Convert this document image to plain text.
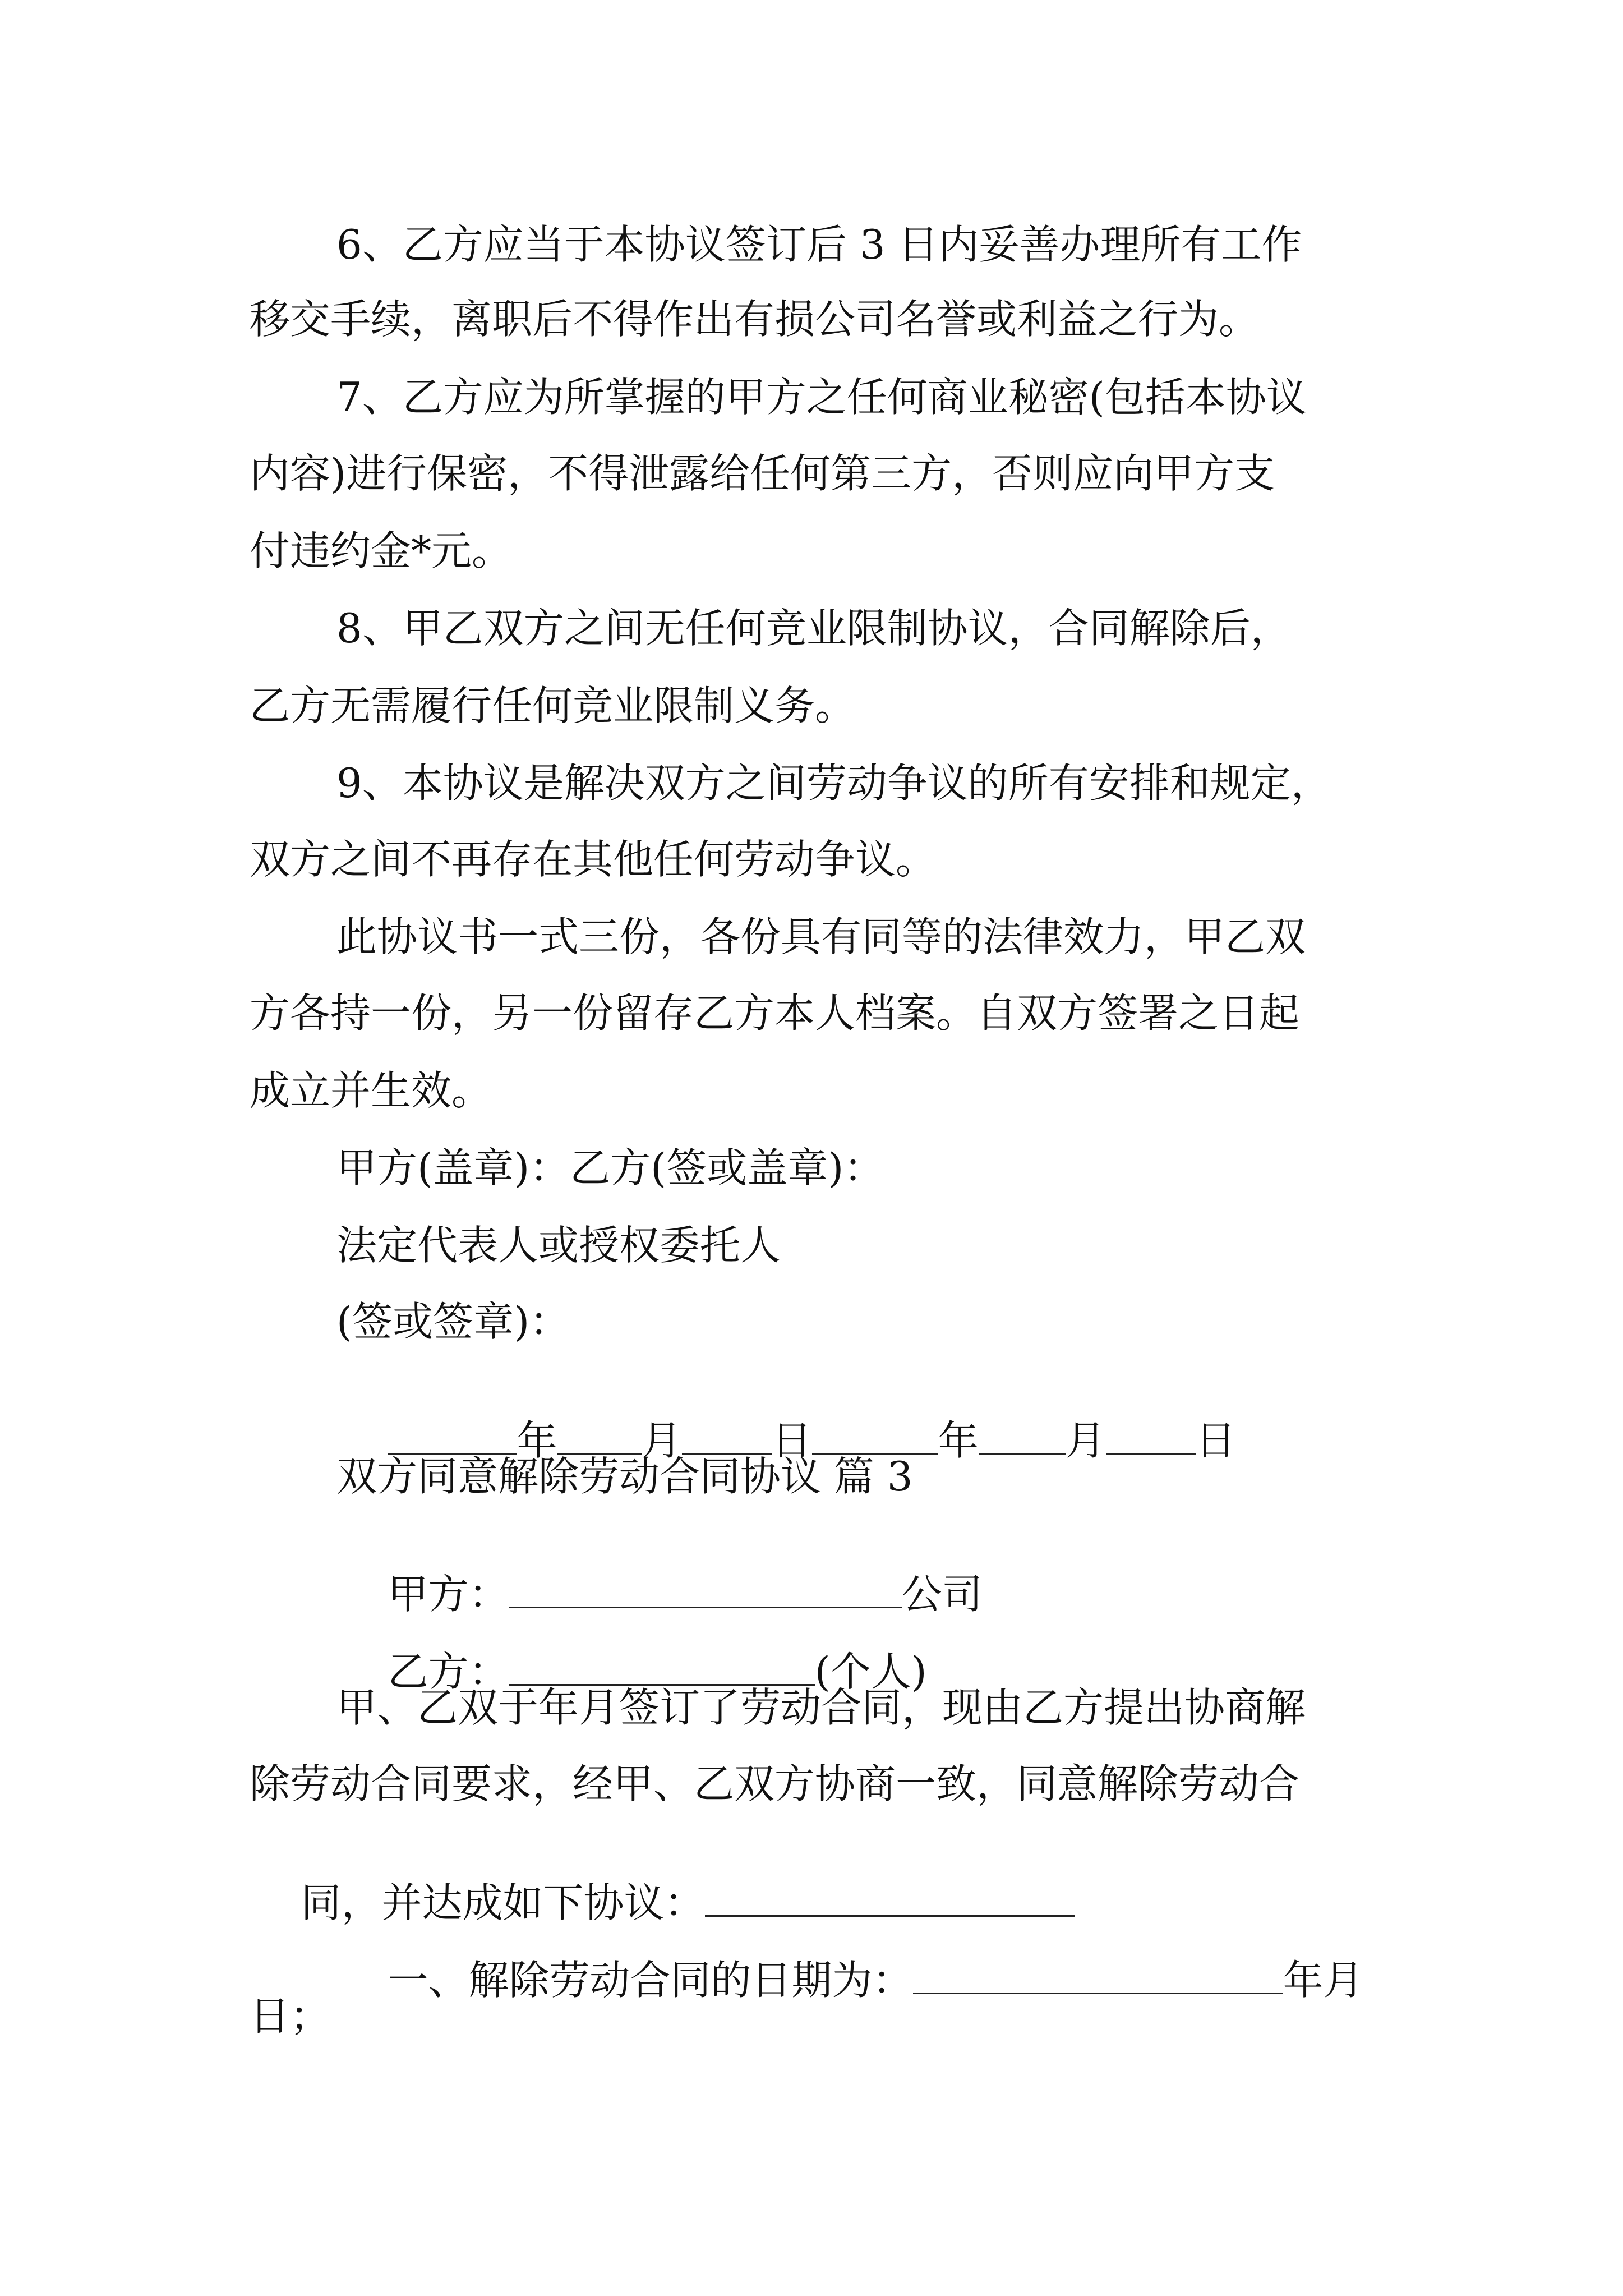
6、乙方应当于本协议签订后 3 日内妥善办理所有工作
移交手续，离职后不得作出有损公司名誉或利益之行为。
7、乙方应为所掌握的甲方之任何商业秘密(包括本协议
内容)进行保密，不得泄露给任何第三方，否则应向甲方支
付违约金*元。
8、甲乙双方之间无任何竞业限制协议，合同解除后，
乙方无需履行任何竞业限制义务。
9、本协议是解决双方之间劳动争议的所有安排和规定，
双方之间不再存在其他任何劳动争议。
此协议书一式三份，各份具有同等的法律效力，甲乙双
方各持一份，另一份留存乙方本人档案。自双方签署之日起
成立并生效。
甲方(盖章)：乙方(签或盖章)：
法定代表人或授权委托人
(签或签章)：

年 月 日	年 月 日

双方同意解除劳动合同协议 篇 3

甲方：	公司

乙方：	(个人)

甲、乙双于年月签订了劳动合同，现由乙方提出协商解
除劳动合同要求，经甲、乙双方协商一致，同意解除劳动合

同，并达成如下协议：

一、解除劳动合同的日期为：	年月

日；
